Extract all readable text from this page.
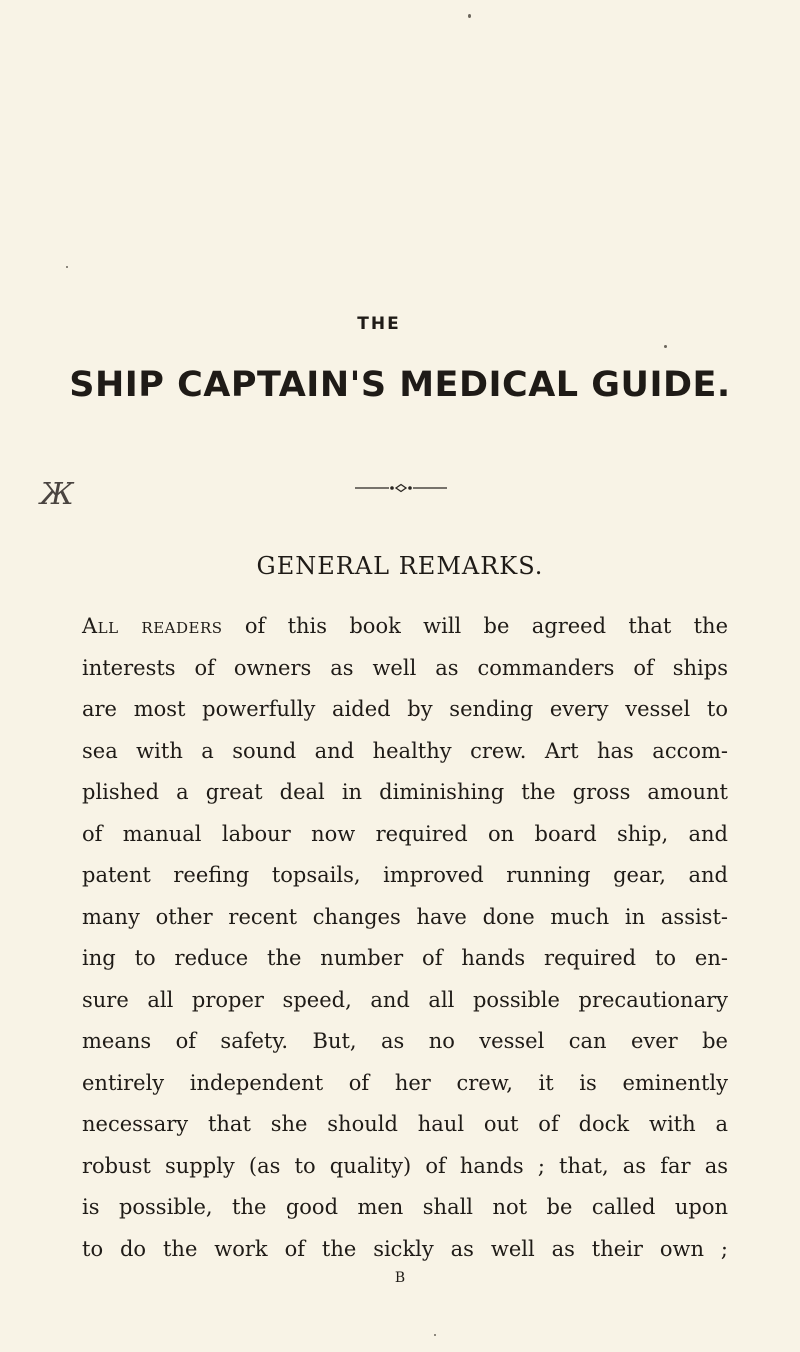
THE
SHIP CAPTAIN'S MEDICAL GUIDE.
Ж
GENERAL REMARKS.
All readers of this book will be agreed that the
interests of owners as well as commanders of ships
are most powerfully aided by sending every vessel to
sea with a sound and healthy crew. Art has accom-
plished a great deal in diminishing the gross amount
of manual labour now required on board ship, and
patent reefing topsails, improved running gear, and
many other recent changes have done much in assist-
ing to reduce the number of hands required to en-
sure all proper speed, and all possible precautionary
means of safety. But, as no vessel can ever be
entirely independent of her crew, it is eminently
necessary that she should haul out of dock with a
robust supply (as to quality) of hands ; that, as far as
is possible, the good men shall not be called upon
to do the work of the sickly as well as their own ;
B
